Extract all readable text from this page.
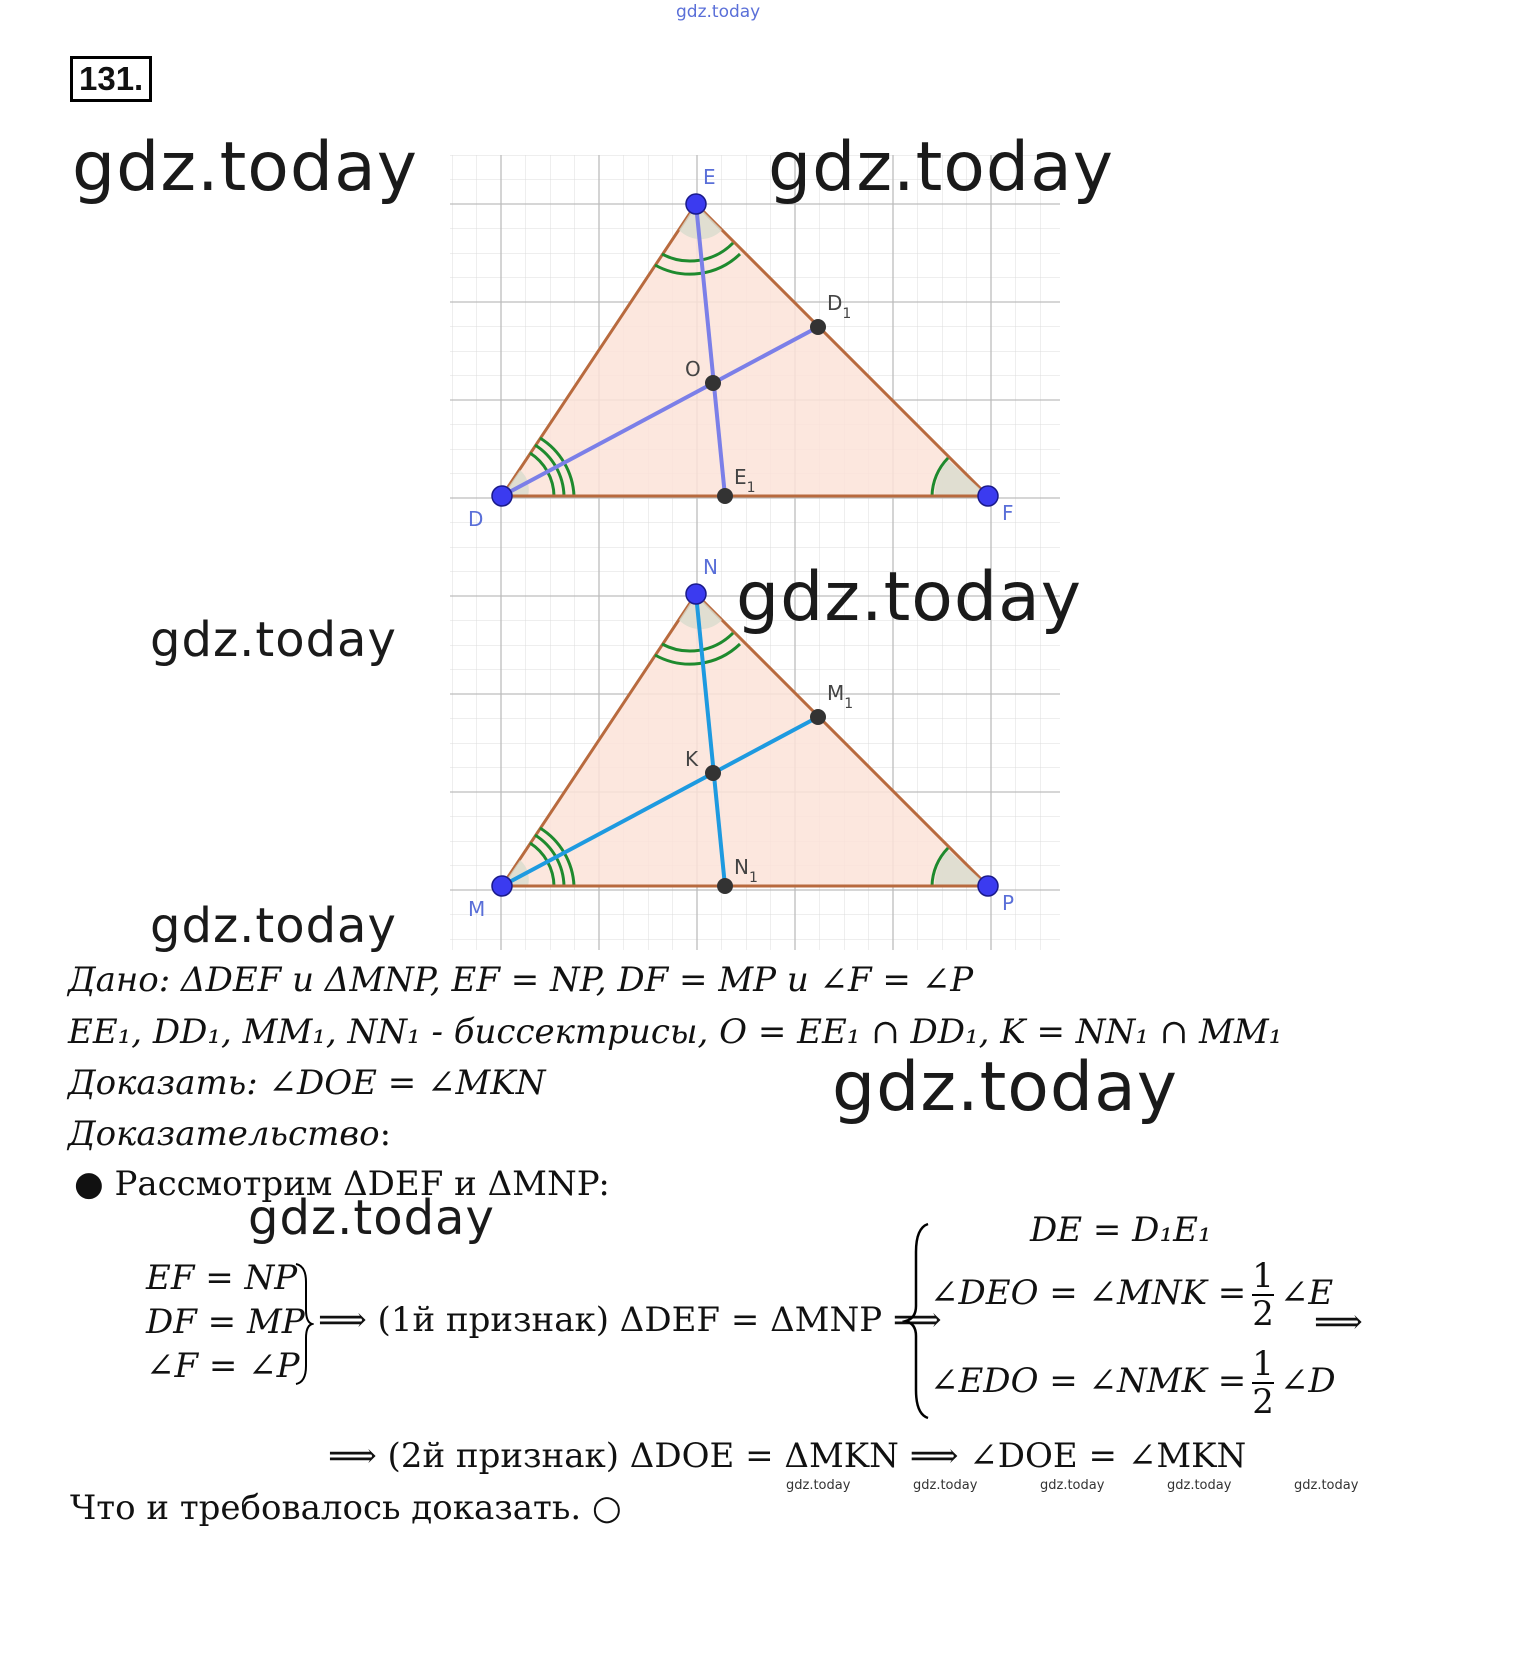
gdz.today
131.
E
$D_1$
O
$E_1$
D	F
N
$M_1$
K
$N_1$
M	P
gdz.today	gdz.today
gdz.today
gdz.today
gdz.today
gdz.today
gdz.today
Дано: ΔDEF и ΔMNP, EF = NP, DF = MP и ∠F = ∠P
EE₁, DD₁, MM₁, NN₁ - биссектрисы, O = EE₁ ∩ DD₁, K = NN₁ ∩ MM₁
Доказать: ∠DOE = ∠MKN
Доказательство:
● Рассмотрим ΔDEF и ΔMNP:
EF = NP
DF = MP
∠F = ∠P
⟹ (1й признак) ΔDEF = ΔMNP ⟹
DE = D₁E₁
∠DEO = ∠MNK = $\frac{1}{2}$ ∠E
∠EDO = ∠NMK = $\frac{1}{2}$ ∠D
⟹
⟹ (2й признак) ΔDOE = ΔMKN ⟹ ∠DOE = ∠MKN
gdz.today	gdz.today	gdz.today	gdz.today	gdz.today
Что и требовалось доказать. ○
